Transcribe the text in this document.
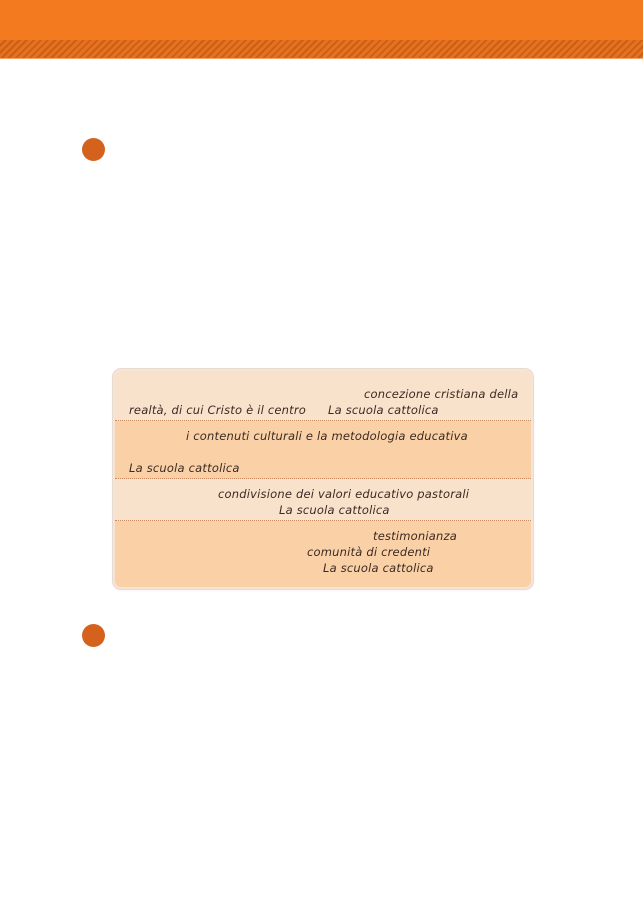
concezione cristiana della
realtà, di cui Cristo è il centro La scuola cattolica
i contenuti culturali e la metodologia educativa
La scuola cattolica
condivisione dei valori educativo pastorali
La scuola cattolica
testimonianza
comunità di credenti
La scuola cattolica
